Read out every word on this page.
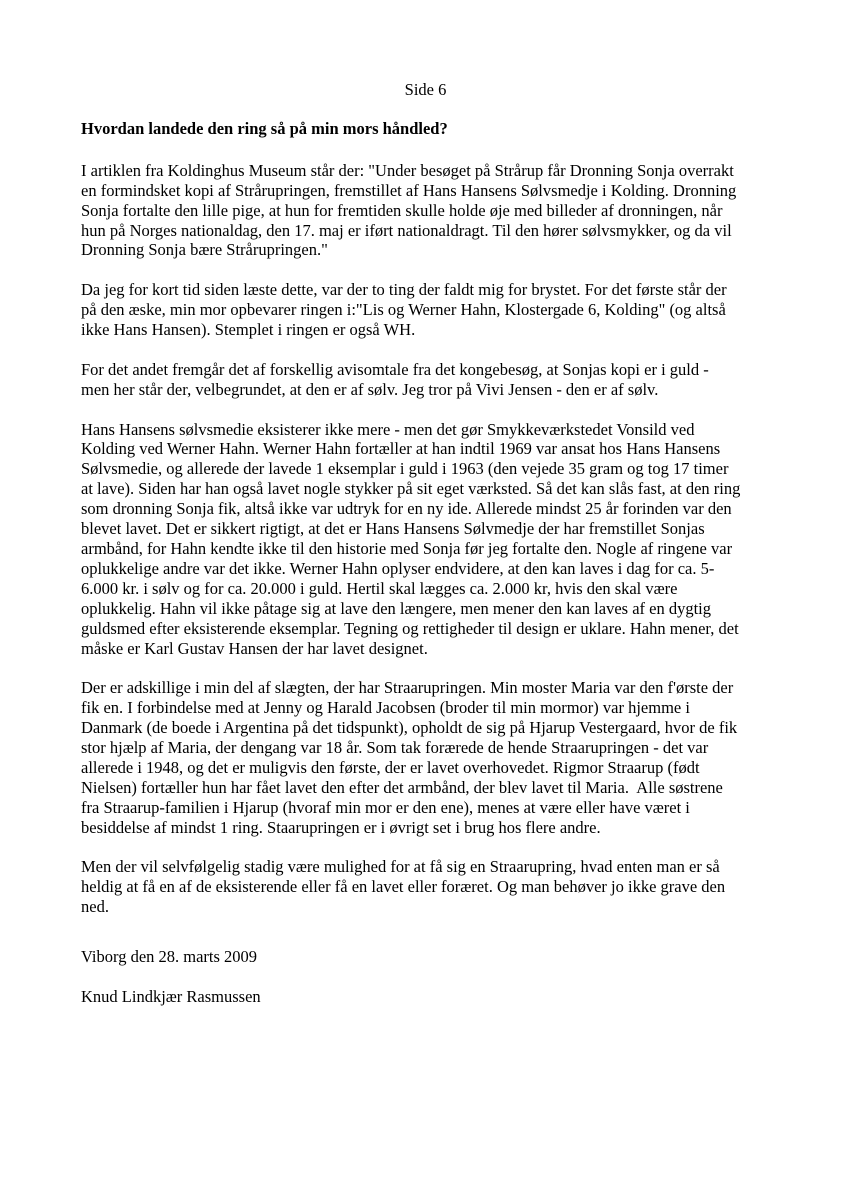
Side 6
Hvordan landede den ring så på min mors håndled?
I artiklen fra Koldinghus Museum står der: "Under besøget på Strårup får Dronning Sonja overrakt
en formindsket kopi af Strårupringen, fremstillet af Hans Hansens Sølvsmedje i Kolding. Dronning
Sonja fortalte den lille pige, at hun for fremtiden skulle holde øje med billeder af dronningen, når
hun på Norges nationaldag, den 17. maj er iført nationaldragt. Til den hører sølvsmykker, og da vil
Dronning Sonja bære Strårupringen."
Da jeg for kort tid siden læste dette, var der to ting der faldt mig for brystet. For det første står der
på den æske, min mor opbevarer ringen i:"Lis og Werner Hahn, Klostergade 6, Kolding" (og altså
ikke Hans Hansen). Stemplet i ringen er også WH.
For det andet fremgår det af forskellig avisomtale fra det kongebesøg, at Sonjas kopi er i guld -
men her står der, velbegrundet, at den er af sølv. Jeg tror på Vivi Jensen - den er af sølv.
Hans Hansens sølvsmedie eksisterer ikke mere - men det gør Smykkeværkstedet Vonsild ved
Kolding ved Werner Hahn. Werner Hahn fortæller at han indtil 1969 var ansat hos Hans Hansens
Sølvsmedie, og allerede der lavede 1 eksemplar i guld i 1963 (den vejede 35 gram og tog 17 timer
at lave). Siden har han også lavet nogle stykker på sit eget værksted. Så det kan slås fast, at den ring
som dronning Sonja fik, altså ikke var udtryk for en ny ide. Allerede mindst 25 år forinden var den
blevet lavet. Det er sikkert rigtigt, at det er Hans Hansens Sølvmedje der har fremstillet Sonjas
armbånd, for Hahn kendte ikke til den historie med Sonja før jeg fortalte den. Nogle af ringene var
oplukkelige andre var det ikke. Werner Hahn oplyser endvidere, at den kan laves i dag for ca. 5-
6.000 kr. i sølv og for ca. 20.000 i guld. Hertil skal lægges ca. 2.000 kr, hvis den skal være
oplukkelig. Hahn vil ikke påtage sig at lave den længere, men mener den kan laves af en dygtig
guldsmed efter eksisterende eksemplar. Tegning og rettigheder til design er uklare. Hahn mener, det
måske er Karl Gustav Hansen der har lavet designet.
Der er adskillige i min del af slægten, der har Straarupringen. Min moster Maria var den f'ørste der
fik en. I forbindelse med at Jenny og Harald Jacobsen (broder til min mormor) var hjemme i
Danmark (de boede i Argentina på det tidspunkt), opholdt de sig på Hjarup Vestergaard, hvor de fik
stor hjælp af Maria, der dengang var 18 år. Som tak forærede de hende Straarupringen - det var
allerede i 1948, og det er muligvis den første, der er lavet overhovedet. Rigmor Straarup (født
Nielsen) fortæller hun har fået lavet den efter det armbånd, der blev lavet til Maria.  Alle søstrene
fra Straarup-familien i Hjarup (hvoraf min mor er den ene), menes at være eller have været i
besiddelse af mindst 1 ring. Staarupringen er i øvrigt set i brug hos flere andre.
Men der vil selvfølgelig stadig være mulighed for at få sig en Straarupring, hvad enten man er så
heldig at få en af de eksisterende eller få en lavet eller foræret. Og man behøver jo ikke grave den
ned.
Viborg den 28. marts 2009
Knud Lindkjær Rasmussen
